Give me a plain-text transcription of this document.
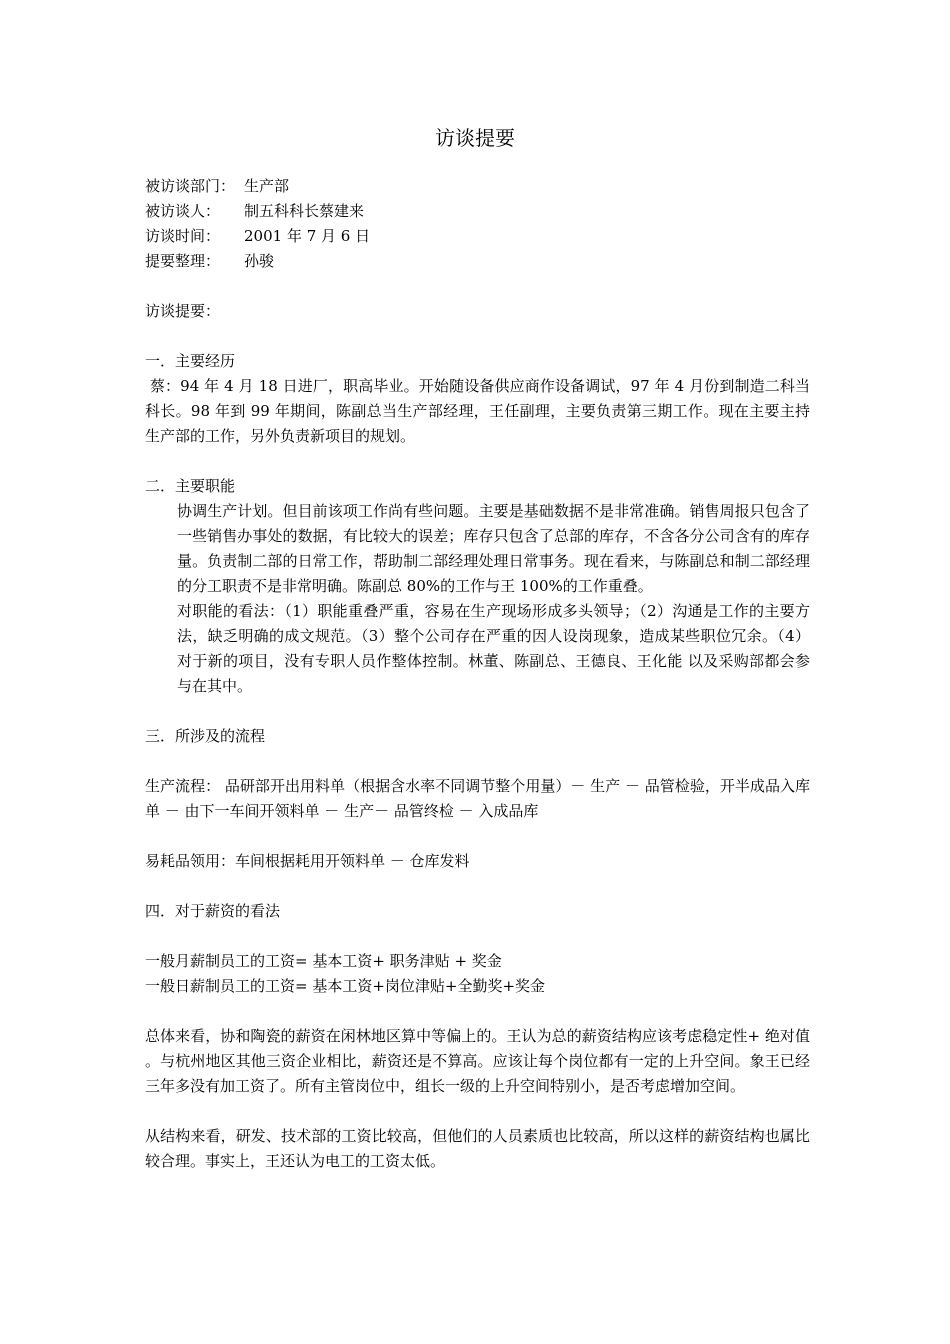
访谈提要
被访谈部门： 生产部
被访谈人：	制五科科长蔡建来
访谈时间：	2001 年 7 月 6 日
提要整理：	孙骏

访谈提要：

一．主要经历

蔡：94 年 4 月 18 日进厂，职高毕业。开始随设备供应商作设备调试，97 年 4 月份到制造二科当科长。98 年到 99 年期间，陈副总当生产部经理，王任副理，主要负责第三期工作。现在主要主持生产部的工作，另外负责新项目的规划。

二．主要职能

协调生产计划。但目前该项工作尚有些问题。主要是基础数据不是非常准确。销售周报只包含了一些销售办事处的数据，有比较大的误差；库存只包含了总部的库存，不含各分公司含有的库存量。负责制二部的日常工作，帮助制二部经理处理日常事务。现在看来，与陈副总和制二部经理的分工职责不是非常明确。陈副总 80%的工作与王 100%的工作重叠。

对职能的看法：（1）职能重叠严重，容易在生产现场形成多头领导；（2）沟通是工作的主要方法，缺乏明确的成文规范。（3）整个公司存在严重的因人设岗现象，造成某些职位冗余。（4）对于新的项目，没有专职人员作整体控制。林董、陈副总、王德良、王化能 以及采购部都会参与在其中。

三．所涉及的流程

生产流程： 品研部开出用料单（根据含水率不同调节整个用量）－ 生产 － 品管检验，开半成品入库单 － 由下一车间开领料单 － 生产－ 品管终检 － 入成品库

易耗品领用：车间根据耗用开领料单 － 仓库发料

四．对于薪资的看法

一般月薪制员工的工资= 基本工资+ 职务津贴 + 奖金

一般日薪制员工的工资= 基本工资+岗位津贴+全勤奖+奖金

总体来看，协和陶瓷的薪资在闲林地区算中等偏上的。王认为总的薪资结构应该考虑稳定性+ 绝对值 。与杭州地区其他三资企业相比，薪资还是不算高。应该让每个岗位都有一定的上升空间。象王已经三年多没有加工资了。所有主管岗位中，组长一级的上升空间特别小，是否考虑增加空间。

从结构来看，研发、技术部的工资比较高，但他们的人员素质也比较高，所以这样的薪资结构也属比较合理。事实上，王还认为电工的工资太低。
